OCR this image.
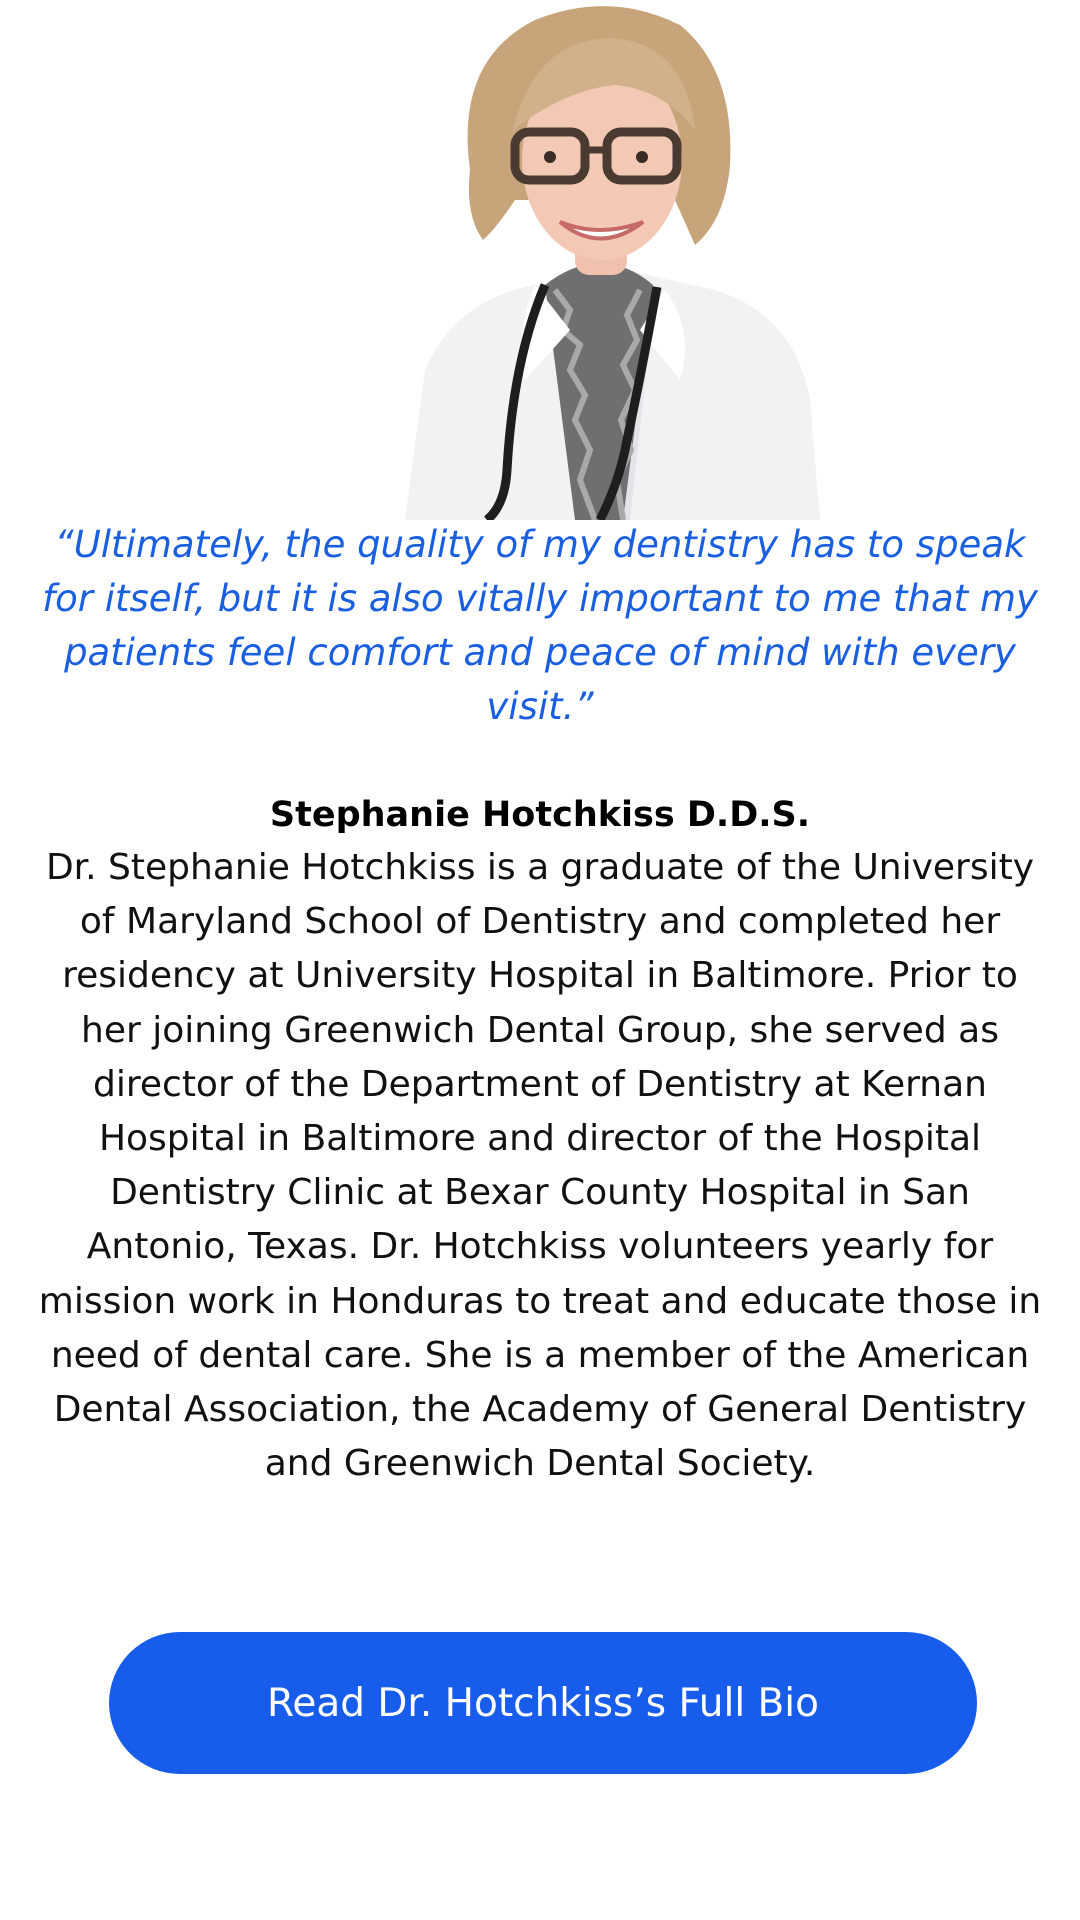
“Ultimately, the quality of my dentistry has to speak for itself, but it is also vitally important to me that my patients feel comfort and peace of mind with every visit.”

Stephanie Hotchkiss D.D.S.

Dr. Stephanie Hotchkiss is a graduate of the University of Maryland School of Dentistry and completed her residency at University Hospital in Baltimore. Prior to her joining Greenwich Dental Group, she served as director of the Department of Dentistry at Kernan Hospital in Baltimore and director of the Hospital Dentistry Clinic at Bexar County Hospital in San Antonio, Texas. Dr. Hotchkiss volunteers yearly for mission work in Honduras to treat and educate those in need of dental care. She is a member of the American Dental Association, the Academy of General Dentistry and Greenwich Dental Society.

Read Dr. Hotchkiss’s Full Bio
